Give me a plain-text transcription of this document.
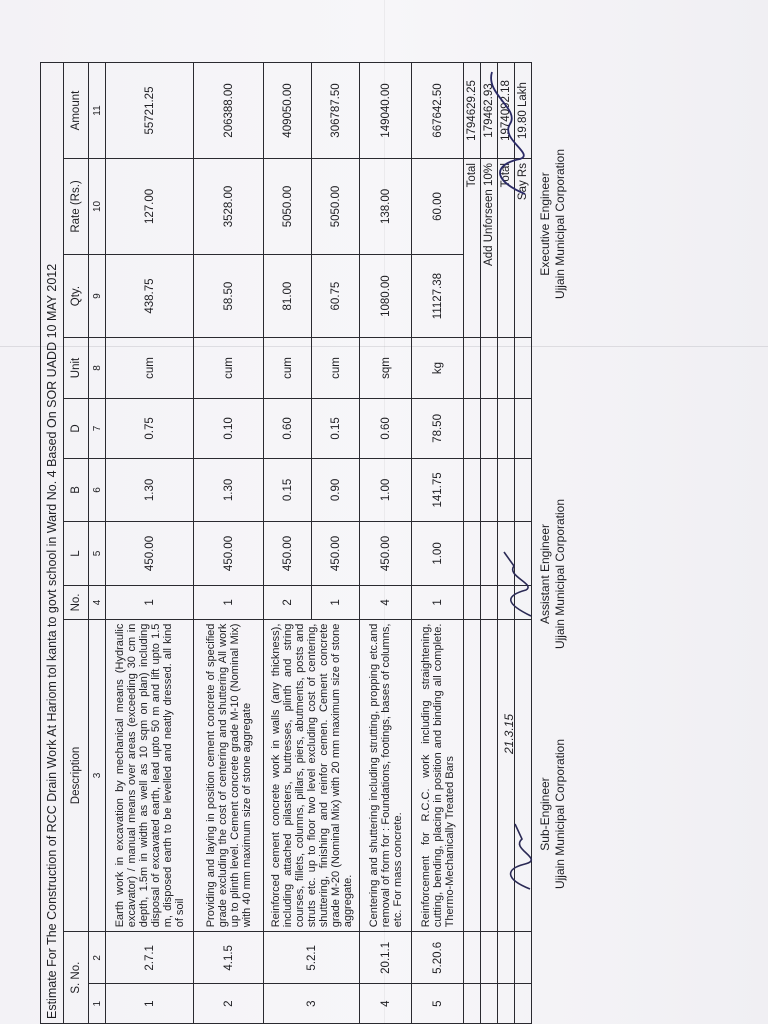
Estimate For The Construction of RCC Drain Work At Hariom tol kanta to govt school in Ward No. 4 Based On SOR UADD 10 MAY 2012										
S. No.		Description	No.	L	B	D	Unit	Qty.	Rate (Rs.)	Amount
1	2	3	4	5	6	7	8	9	10	11
1	2.7.1	Earth work in excavation by mechanical means (Hydraulic excavator) / manual means over areas (exceeding 30 cm in depth, 1.5m in width as well as 10 sqm on plan) including disposal of excavated earth, lead upto 50 m and lift upto 1.5 m, disposed earth to be levelled and neatly dressed. all kind of soil	1	450.00	1.30	0.75	cum	438.75	127.00	55721.25
2	4.1.5	Providing and laying in position cement concrete of specified grade excluding the cost of centering and shuttering All work up to plinth level. Cement concrete grade M-10 (Nominal Mix) with 40 mm maximum size of stone aggregate	1	450.00	1.30	0.10	cum	58.50	3528.00	206388.00
3	5.2.1	Reinforced cement concrete work in walls (any thickness), including attached pilasters, buttresses, plinth and string courses, fillets, columns, pillars, piers, abutments, posts and struts etc. up to floor two level excluding cost of centering, shuttering, finishing and reinfor cemen. Cement concrete grade M-20 (Nominal Mix) with 20 mm maximum size of stone aggregate.	2	450.00	0.15	0.60	cum	81.00	5050.00	409050.00
			1	450.00	0.90	0.15	cum	60.75	5050.00	306787.50
4	20.1.1	Centering and shuttering including strutting, propping etc.and removal of form for : Foundations, footings, bases of columns, etc. For mass concrete.	4	450.00	1.00	0.60	sqm	1080.00	138.00	149040.00
5	5.20.6	Reinforcement for R.C.C. work including straightening, cutting, bending, placing in position and binding all complete. Thermo-Mechanically Treated Bars	1	1.00	141.75	78.50	kg	11127.38	60.00	667642.50
								Total		1794629.25
								Add Unforseen 10%		179462.93
								Total		1974092.18
								Say Rs		19.80 Lakh
Sub-Engineer Ujjain Municipal Corporation
21.3.15
Assistant Engineer Ujjain Municipal Corporation
Executive Engineer Ujjain Municipal Corporation
